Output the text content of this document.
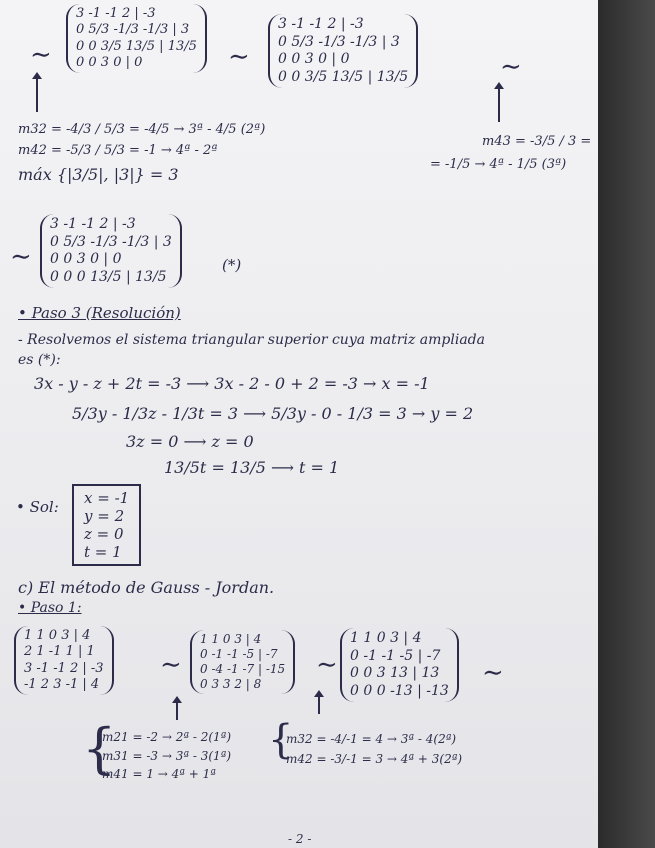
∼
3 -1 -1 2 | -3
0 5/3 -1/3 -1/3 | 3
0 0 3/5 13/5 | 13/5
0 0 3 0 | 0	∼
3 -1 -1 2 | -3
0 5/3 -1/3 -1/3 | 3
0 0 3 0 | 0
0 0 3/5 13/5 | 13/5	∼
m32 = -4/3 / 5/3 = -4/5 → 3ª - 4/5 (2ª)
m42 = -5/3 / 5/3 = -1 → 4ª - 2ª
máx {|3/5|, |3|} = 3
m43 = -3/5 / 3 =
= -1/5 → 4ª - 1/5 (3ª)
∼
3 -1 -1 2 | -3
0 5/3 -1/3 -1/3 | 3
0 0 3 0 | 0
0 0 0 13/5 | 13/5
(*)
• Paso 3 (Resolución)
- Resolvemos el sistema triangular superior cuya matriz ampliada
es (*):
3x - y - z + 2t = -3 ⟶ 3x - 2 - 0 + 2 = -3 → x = -1
5/3y - 1/3z - 1/3t = 3 ⟶ 5/3y - 0 - 1/3 = 3 → y = 2
3z = 0 ⟶ z = 0
13/5t = 13/5 ⟶ t = 1
• Sol: x = -1
y = 2
z = 0
t = 1
c) El método de Gauss - Jordan.
• Paso 1:
1 1 0 3 | 4
2 1 -1 1 | 1
3 -1 -1 2 | -3
-1 2 3 -1 | 4
∼
1 1 0 3 | 4
0 -1 -1 -5 | -7
0 -4 -1 -7 | -15
0 3 3 2 | 8
∼
1 1 0 3 | 4
0 -1 -1 -5 | -7
0 0 3 13 | 13
0 0 0 -13 | -13
∼
{
m21 = -2 → 2ª - 2(1ª)
m31 = -3 → 3ª - 3(1ª)
m41 = 1 → 4ª + 1ª
{
m32 = -4/-1 = 4 → 3ª - 4(2ª)
m42 = -3/-1 = 3 → 4ª + 3(2ª)
- 2 -
